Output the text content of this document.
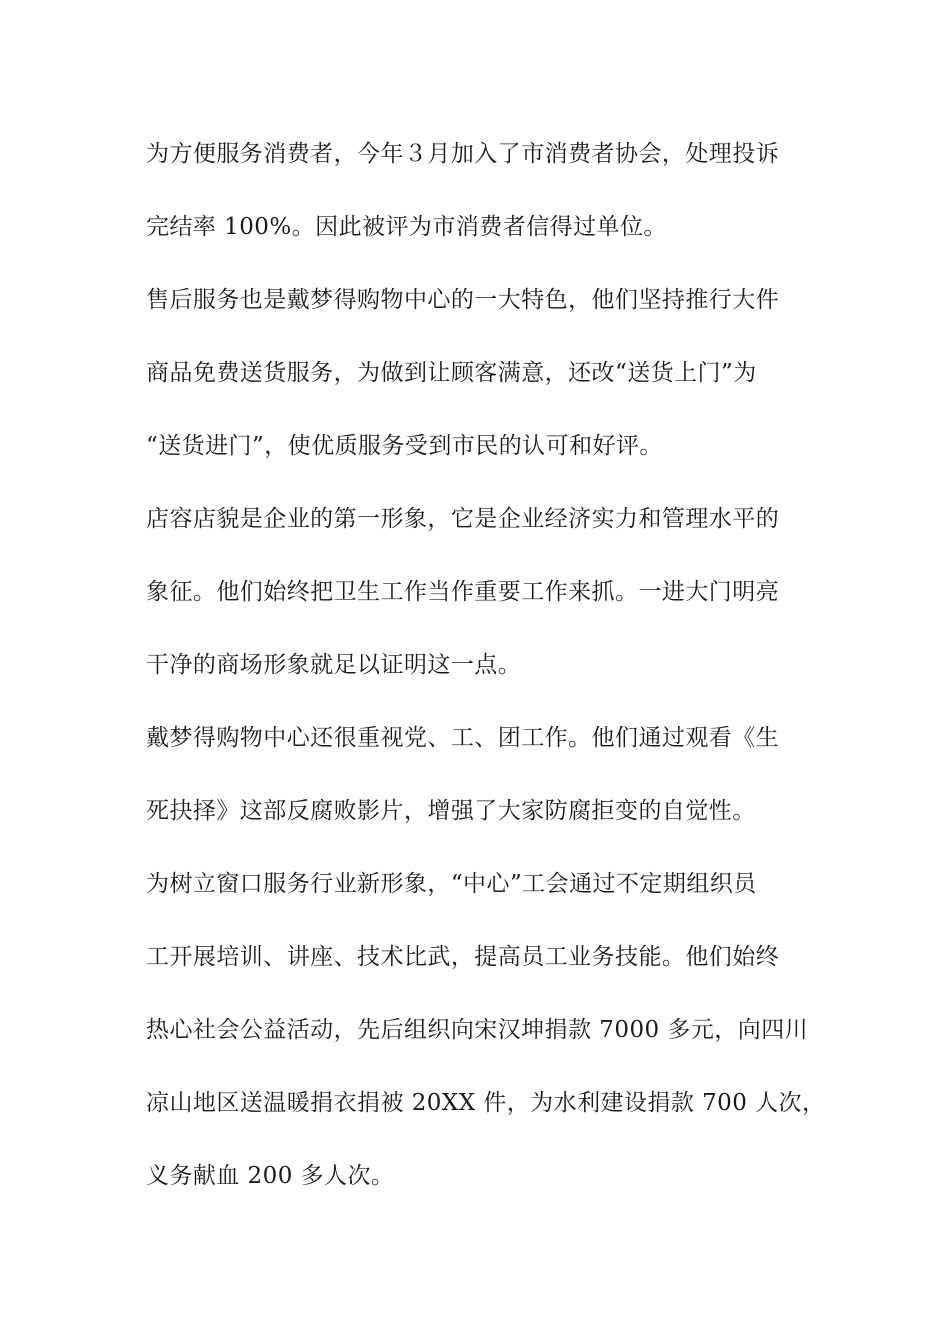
为方便服务消费者，今年３月加入了市消费者协会，处理投诉
完结率 100%。因此被评为市消费者信得过单位。
售后服务也是戴梦得购物中心的一大特色，他们坚持推行大件
商品免费送货服务，为做到让顾客满意，还改“送货上门”为
“送货进门”，使优质服务受到市民的认可和好评。
店容店貌是企业的第一形象，它是企业经济实力和管理水平的
象征。他们始终把卫生工作当作重要工作来抓。一进大门明亮
干净的商场形象就足以证明这一点。
戴梦得购物中心还很重视党、工、团工作。他们通过观看《生
死抉择》这部反腐败影片，增强了大家防腐拒变的自觉性。
为树立窗口服务行业新形象，“中心”工会通过不定期组织员
工开展培训、讲座、技术比武，提高员工业务技能。他们始终
热心社会公益活动，先后组织向宋汉坤捐款 7000 多元，向四川
凉山地区送温暖捐衣捐被 20XX 件，为水利建设捐款 700 人次，
义务献血 200 多人次。
